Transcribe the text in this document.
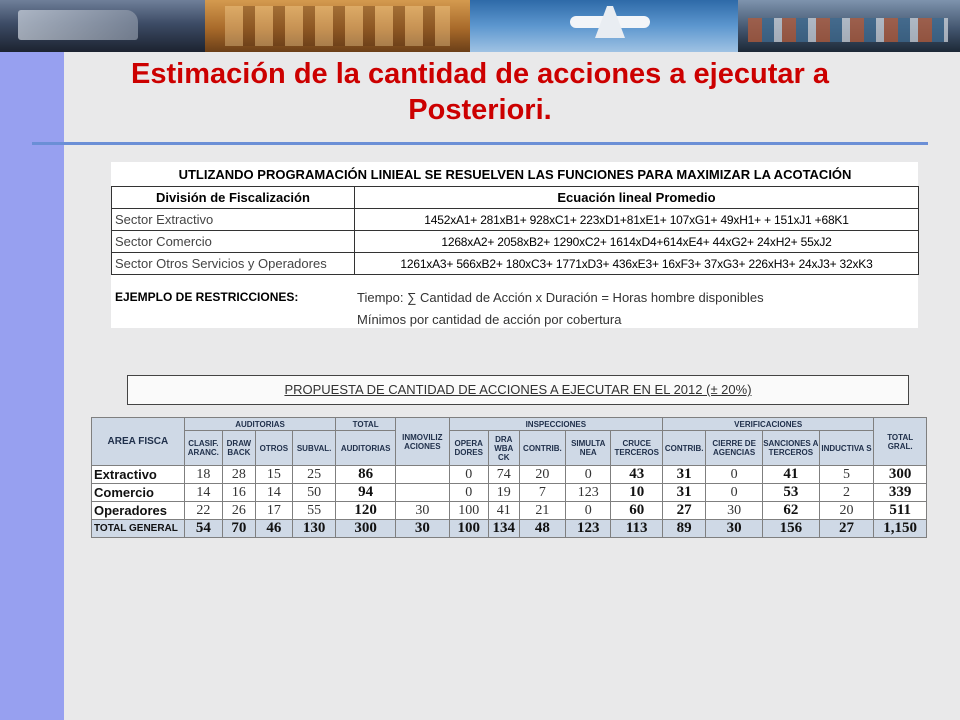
Estimación de la cantidad de acciones a ejecutar a Posteriori.
UTLIZANDO PROGRAMACIÓN LINIEAL SE RESUELVEN LAS FUNCIONES PARA MAXIMIZAR LA ACOTACIÓN	
División de Fiscalización	Ecuación lineal Promedio
Sector Extractivo	1452xA1+ 281xB1+ 928xC1+ 223xD1+81xE1+ 107xG1+ 49xH1+ + 151xJ1 +68K1
Sector Comercio	1268xA2+ 2058xB2+ 1290xC2+ 1614xD4+614xE4+ 44xG2+ 24xH2+ 55xJ2
Sector Otros Servicios y Operadores	1261xA3+ 566xB2+ 180xC3+ 1771xD3+ 436xE3+ 16xF3+ 37xG3+ 226xH3+ 24xJ3+ 32xK3
EJEMPLO DE RESTRICCIONES:	Tiempo: ∑ Cantidad de Acción x Duración = Horas hombre disponibles
Mínimos por cantidad de acción por cobertura
PROPUESTA DE CANTIDAD DE ACCIONES A EJECUTAR EN EL 2012 (± 20%)
AREA FISCA	AUDITORIAS				TOTAL	INMOVILIZ ACIONES	INSPECCIONES					VERIFICACIONES				TOTAL GRAL.
	CLASIF. ARANC.	DRAW BACK	OTROS	SUBVAL.	AUDITORIAS		OPERA DORES	DRA WBA CK	CONTRIB.	SIMULTA NEA	CRUCE TERCEROS	CONTRIB.	CIERRE DE AGENCIAS	SANCIONES A TERCEROS	INDUCTIVA S	
Extractivo	18	28	15	25	86		0	74	20	0	43	31	0	41	5	300
Comercio	14	16	14	50	94		0	19	7	123	10	31	0	53	2	339
Operadores	22	26	17	55	120	30	100	41	21	0	60	27	30	62	20	511
TOTAL GENERAL	54	70	46	130	300	30	100	134	48	123	113	89	30	156	27	1,150
